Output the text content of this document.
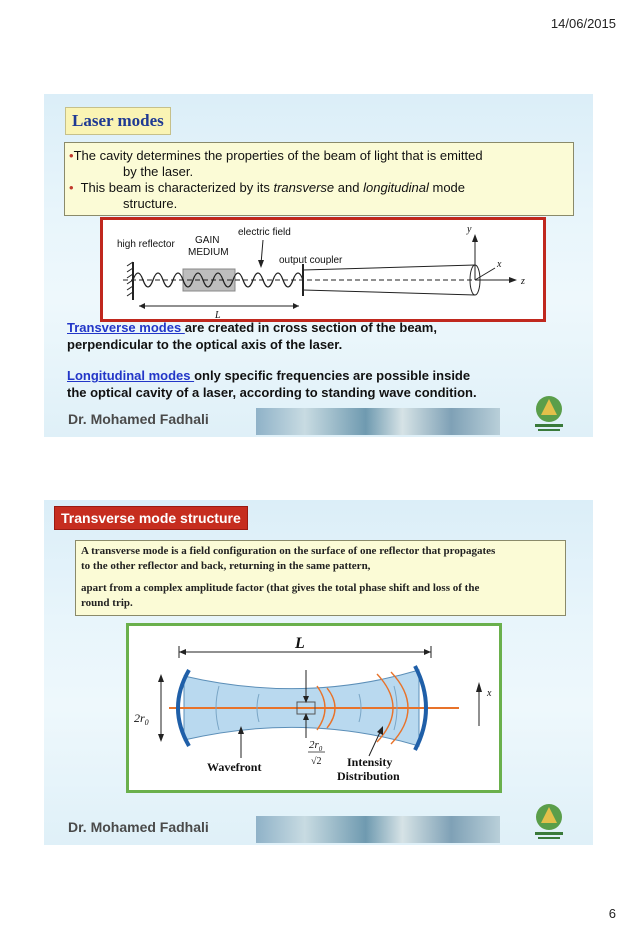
14/06/2015
Laser modes
•The cavity determines the properties of the beam of light that is emitted
by the laser.
• This beam is characterized by its transverse and longitudinal mode
structure.
high reflector GAIN
MEDIUM
electric field
output coupler
y
x
z
L
Transverse modes are created in cross section of the beam,
perpendicular to the optical axis of the laser.
Longitudinal modes only specific frequencies are possible inside
the optical cavity of a laser, according to standing wave condition.
Dr. Mohamed Fadhali
Transverse mode structure
A transverse mode is a field configuration on the surface of one reflector that propagates
to the other reflector and back, returning in the same pattern,
apart from a complex amplitude factor (that gives the total phase shift and loss of the
round trip.
L
x
$2r_0$
$2r_0$
√2
Wavefront	Intensity
Distribution
Dr. Mohamed Fadhali
6
